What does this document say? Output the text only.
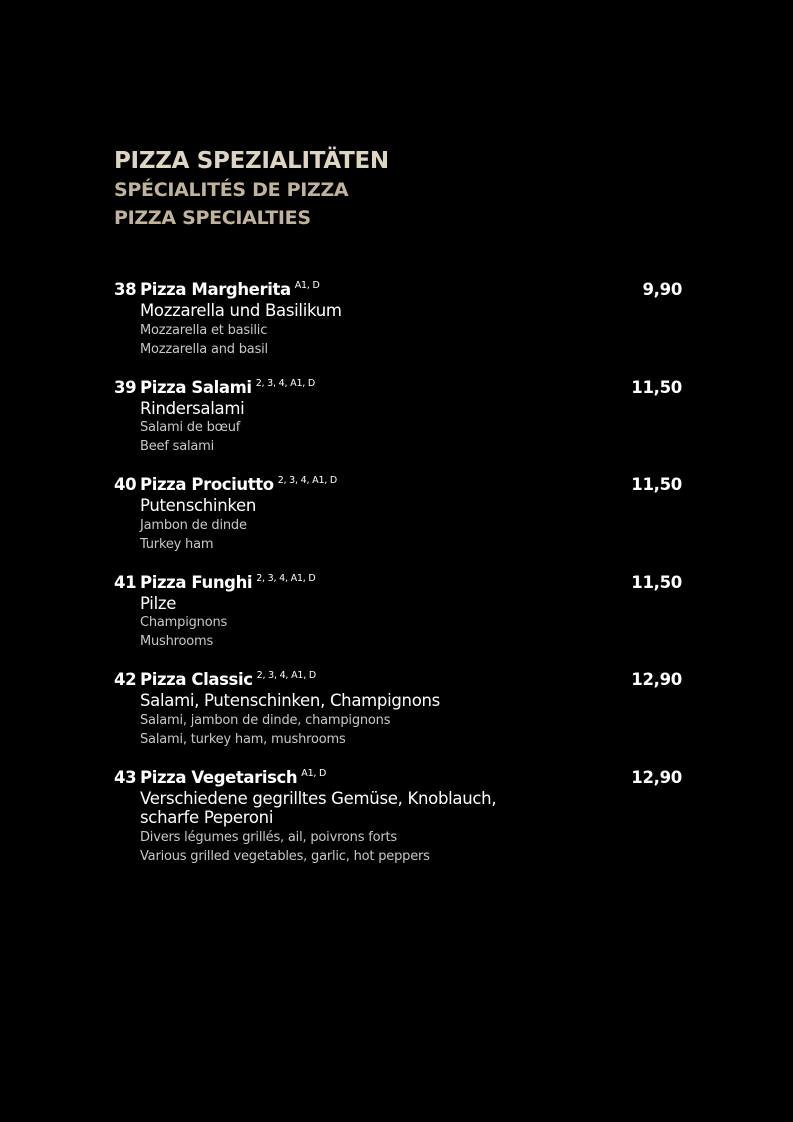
PIZZA SPEZIALITÄTEN
SPÉCIALITÉS DE PIZZA
PIZZA SPECIALTIES
38 Pizza Margherita A1, D	9,90
Mozzarella und Basilikum
Mozzarella et basilic
Mozzarella and basil
39 Pizza Salami 2, 3, 4, A1, D	11,50
Rindersalami
Salami de bœuf
Beef salami
40 Pizza Prociutto 2, 3, 4, A1, D	11,50
Putenschinken
Jambon de dinde
Turkey ham
41 Pizza Funghi 2, 3, 4, A1, D	11,50
Pilze
Champignons
Mushrooms
42 Pizza Classic 2, 3, 4, A1, D	12,90
Salami, Putenschinken, Champignons
Salami, jambon de dinde, champignons
Salami, turkey ham, mushrooms
43 Pizza Vegetarisch A1, D	12,90
Verschiedene gegrilltes Gemüse, Knoblauch, scharfe Peperoni
Divers légumes grillés, ail, poivrons forts
Various grilled vegetables, garlic, hot peppers
